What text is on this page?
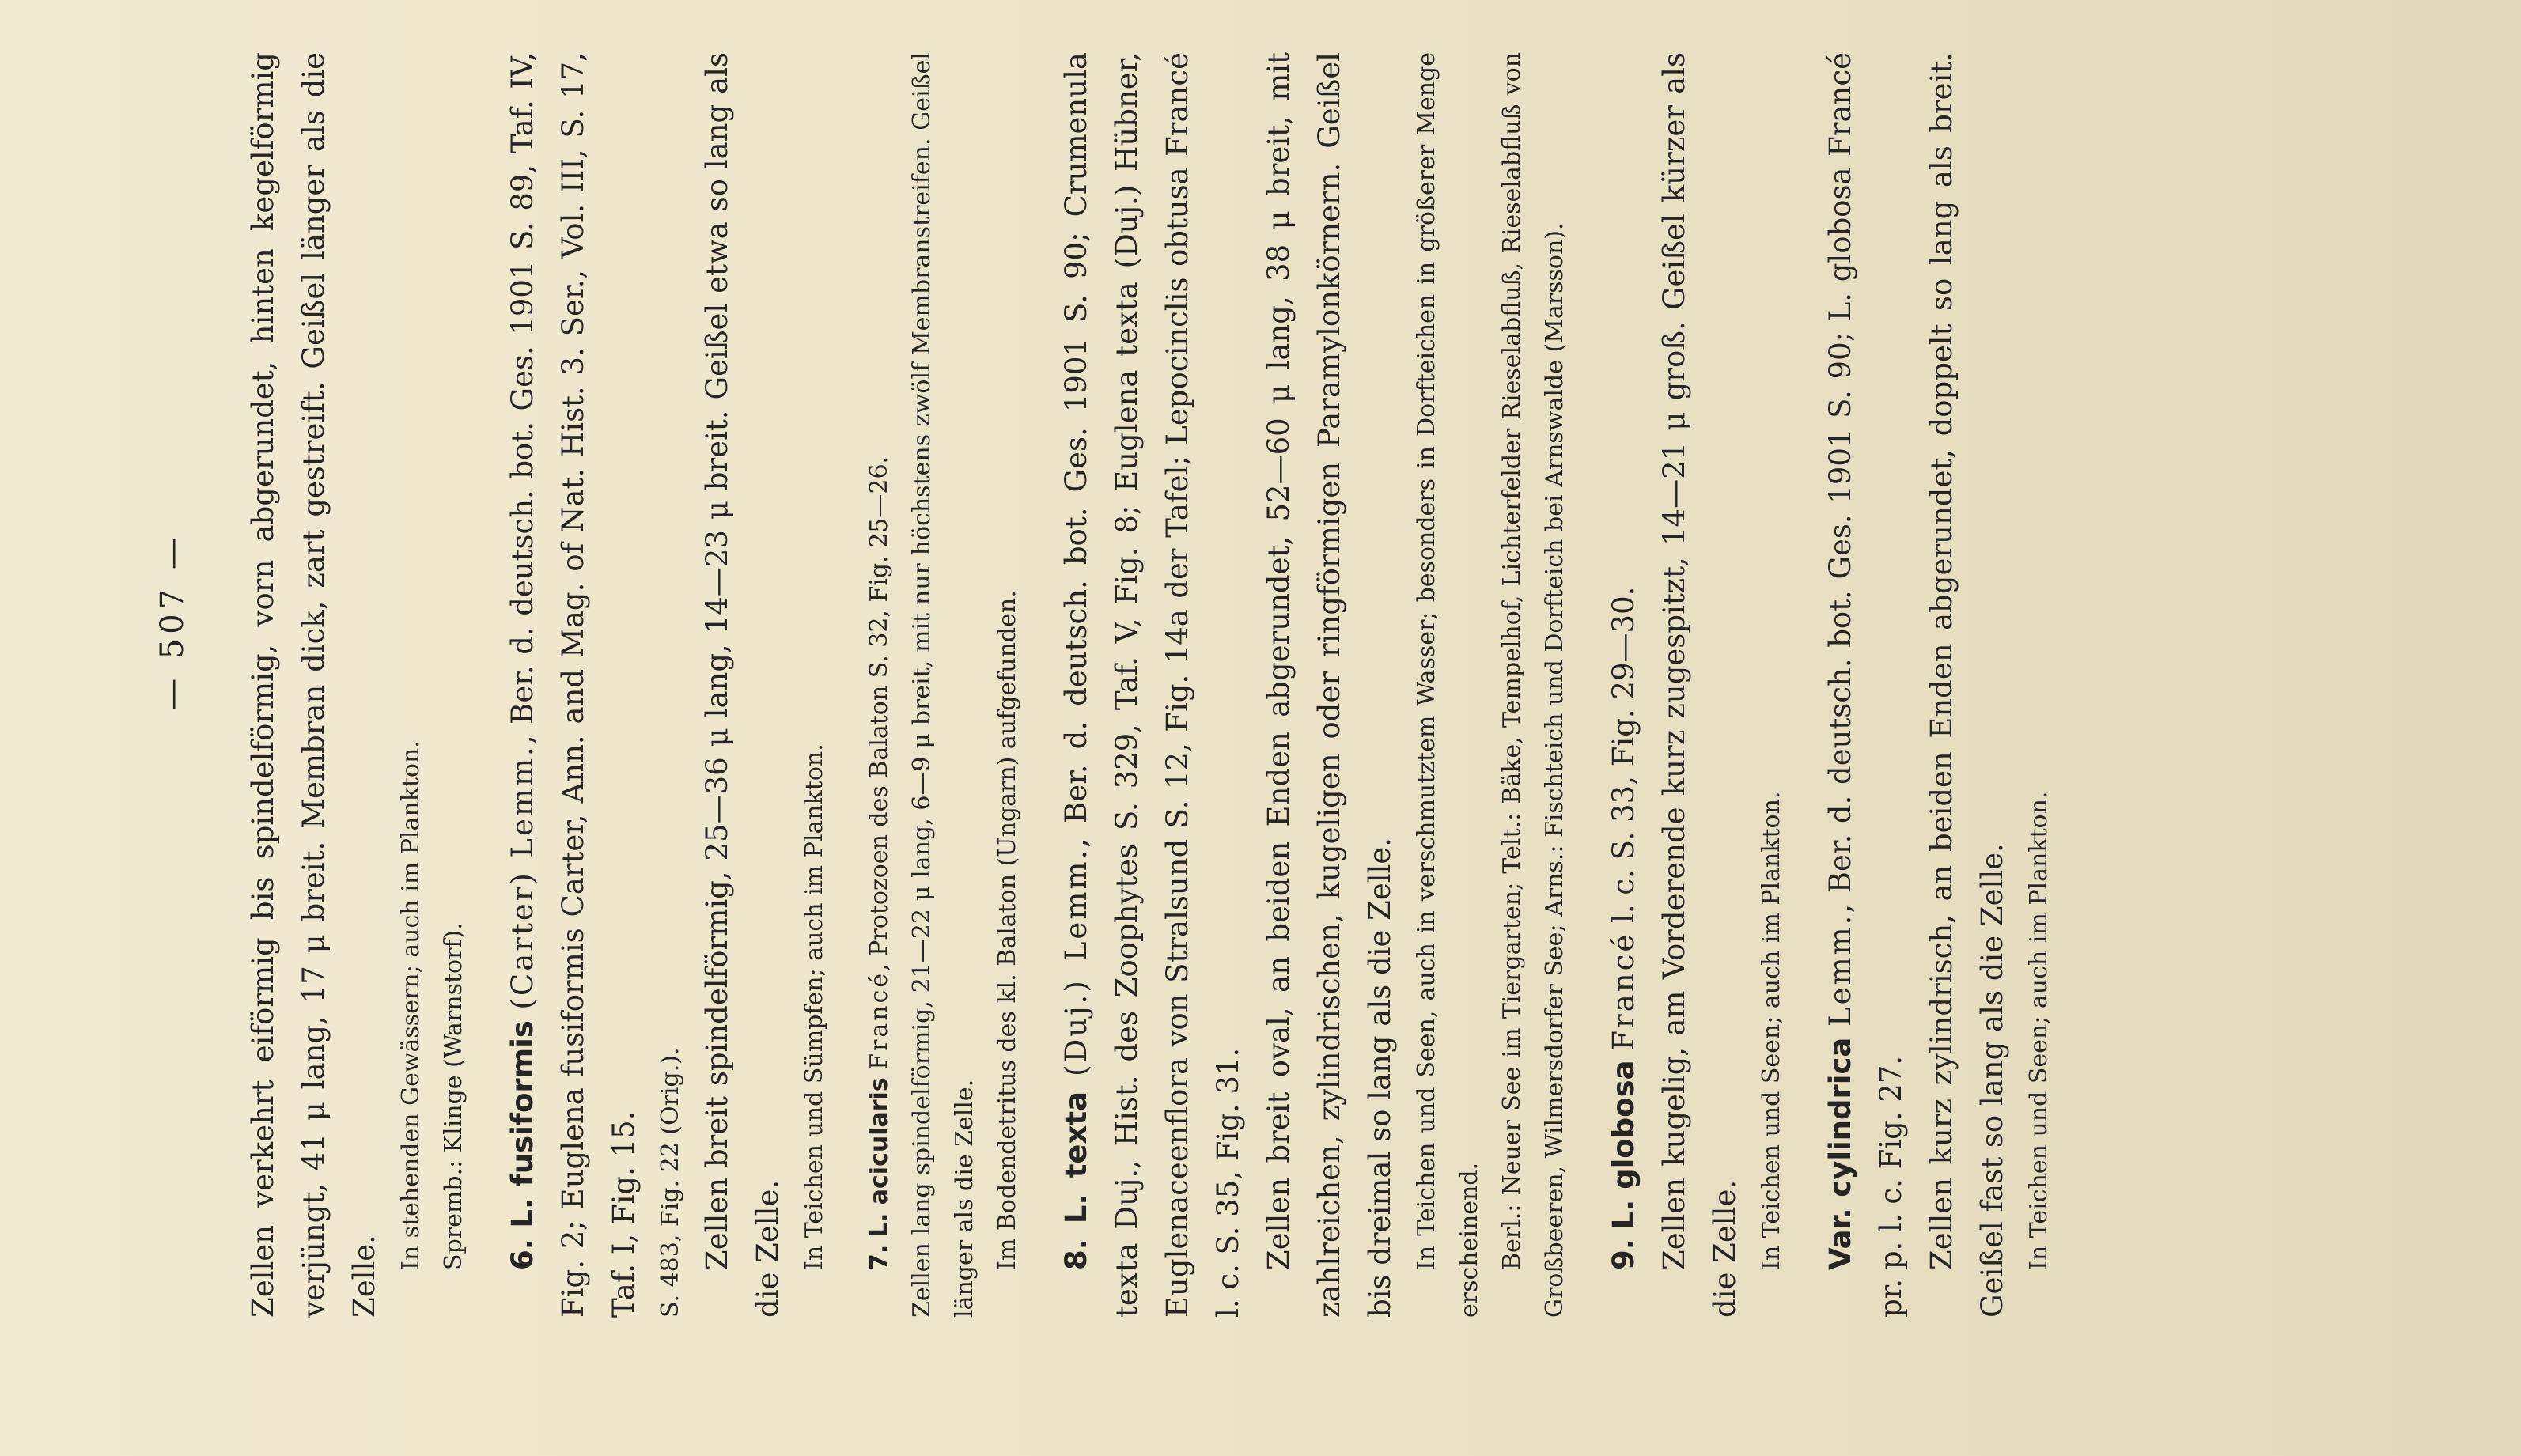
— 507 — Zellen verkehrt eiförmig bis spindelförmig, vorn abgerundet, hinten kegelförmig verjüngt, 41 μ lang, 17 μ breit. Membran dick, zart gestreift. Geißel länger als die Zelle.

In stehenden Gewässern; auch im Plankton. Spremb.: Klinge (Warnstorf). 6. L. fusiformis (Carter) Lemm., Ber. d. deutsch. bot. Ges. 1901 S. 89, Taf. IV, Fig. 2; Euglena fusiformis Carter, Ann. and Mag. of Nat. Hist. 3. Ser., Vol. III, S. 17, Taf. I, Fig. 15. S. 483, Fig. 22 (Orig.). Zellen breit spindelförmig, 25—36 μ lang, 14—23 μ breit. Geißel etwa so lang als die Zelle. In Teichen und Sümpfen; auch im Plankton.	7. L. acicularis Francé, Protozoen des Balaton S. 32, Fig. 25—26. Zellen lang spindelförmig, 21—22 μ lang, 6—9 μ breit, mit nur höchstens zwölf Membranstreifen. Geißel länger als die Zelle. Im Bodendetritus des kl. Balaton (Ungarn) aufgefunden. 8. L. texta (Duj.) Lemm., Ber. d. deutsch. bot. Ges. 1901 S. 90; Crumenula texta Duj., Hist. des Zoophytes S. 329, Taf. V, Fig. 8; Euglena texta (Duj.) Hübner, Euglenaceenflora von Stralsund S. 12, Fig. 14a der Tafel; Lepocinclis obtusa Francé l. c. S. 35, Fig. 31. Zellen breit oval, an beiden Enden abgerundet, 52—60 μ lang, 38 μ breit, mit zahlreichen, zylindrischen, kugeligen oder ringförmigen Paramylonkörnern. Geißel bis dreimal so lang als die Zelle. In Teichen und Seen, auch in verschmutztem Wasser; besonders in Dorfteichen in größerer Menge erscheinend. Berl.: Neuer See im Tiergarten; Telt.: Bäke, Tempelhof, Lichterfelder Rieselabfluß, Rieselabfluß von Großbeeren, Wilmersdorfer See; Arns.: Fischteich und Dorfteich bei Arnswalde (Marsson). 9. L. globosa Francé l. c. S. 33, Fig. 29—30. Zellen kugelig, am Vorderende kurz zugespitzt, 14—21 μ groß. Geißel kürzer als die Zelle. In Teichen und Seen; auch im Plankton. Var. cylindrica Lemm., Ber. d. deutsch. bot. Ges. 1901 S. 90; L. globosa Francé pr. p. l. c. Fig. 27. Zellen kurz zylindrisch, an beiden Enden abgerundet, doppelt so lang als breit. Geißel fast so lang als die Zelle. In Teichen und Seen; auch im Plankton.
